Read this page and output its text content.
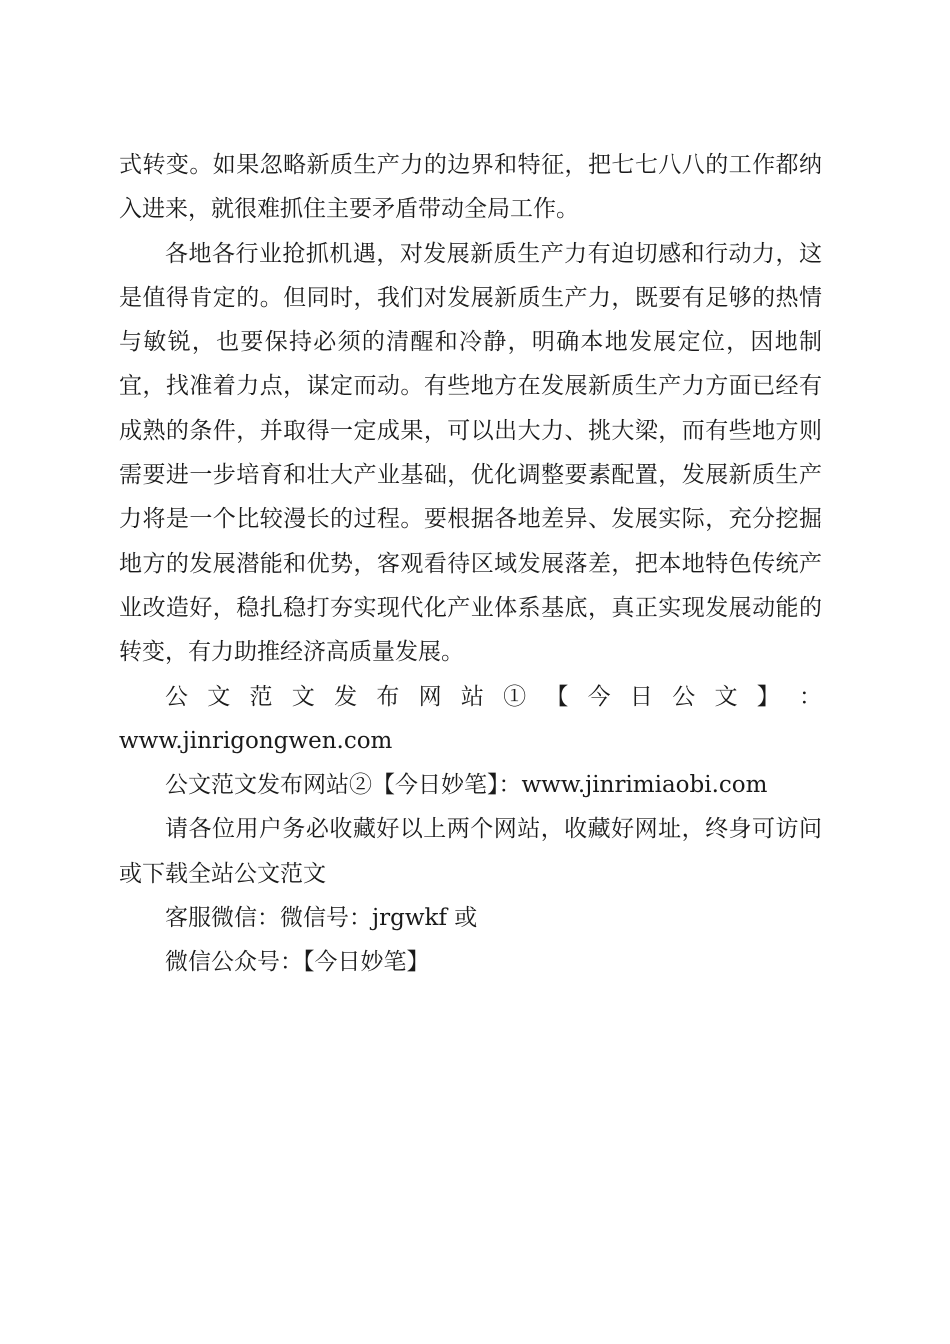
式转变。如果忽略新质生产力的边界和特征，把七七八八的工作都纳入进来，就很难抓住主要矛盾带动全局工作。

各地各行业抢抓机遇，对发展新质生产力有迫切感和行动力，这是值得肯定的。但同时，我们对发展新质生产力，既要有足够的热情与敏锐，也要保持必须的清醒和冷静，明确本地发展定位，因地制宜，找准着力点，谋定而动。有些地方在发展新质生产力方面已经有成熟的条件，并取得一定成果，可以出大力、挑大梁，而有些地方则需要进一步培育和壮大产业基础，优化调整要素配置，发展新质生产力将是一个比较漫长的过程。要根据各地差异、发展实际，充分挖掘地方的发展潜能和优势，客观看待区域发展落差，把本地特色传统产业改造好，稳扎稳打夯实现代化产业体系基底，真正实现发展动能的转变，有力助推经济高质量发展。

公 文 范 文 发 布 网 站 ① 【 今 日 公 文 】 ：

www.jinrigongwen.com

公文范文发布网站②【今日妙笔】：www.jinrimiaobi.com

请各位用户务必收藏好以上两个网站，收藏好网址，终身可访问或下载全站公文范文

客服微信：微信号：jrgwkf 或

微信公众号：【今日妙笔】
